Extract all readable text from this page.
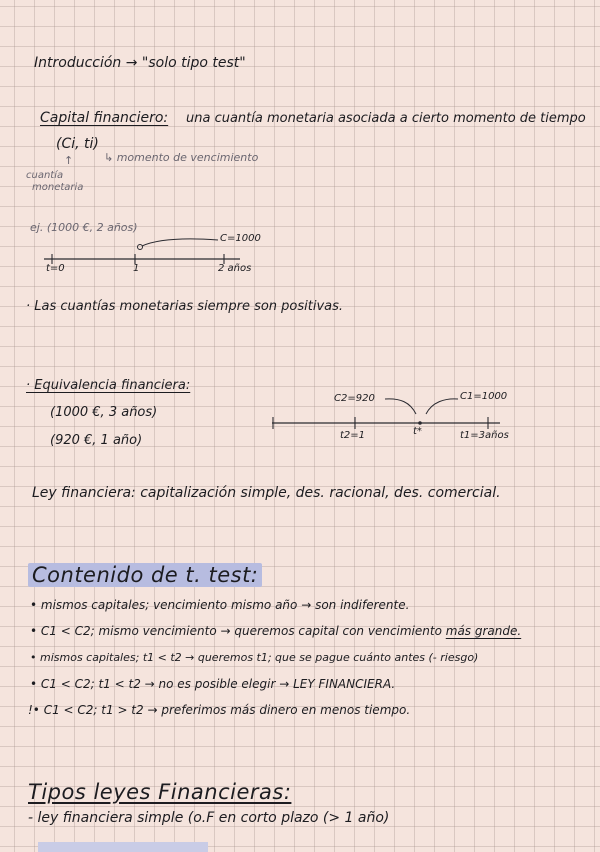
Introducción → "solo tipo test"
Capital financiero: una cuantía monetaria asociada a cierto momento de tiempo
(Ci, ti)
↑	↳ momento de vencimiento
cuantía
monetaria
ej. (1000 €, 2 años)
C=1000
t=0	1	2 años
· Las cuantías monetarias siempre son positivas.
· Equivalencia financiera:
(1000 €, 3 años)
(920 €, 1 año)
C2=920	C1=1000
t2=1	t*	t1=3años
Ley financiera: capitalización simple, des. racional, des. comercial.
Contenido de t. test:
• mismos capitales; vencimiento mismo año → son indiferente.
• C1 < C2; mismo vencimiento → queremos capital con vencimiento más grande.
• mismos capitales; t1 < t2 → queremos t1; que se pague cuánto antes (- riesgo)
• C1 < C2; t1 < t2 → no es posible elegir → LEY FINANCIERA.
!• C1 < C2; t1 > t2 → preferimos más dinero en menos tiempo.
Tipos leyes Financieras:
- ley financiera simple (o.F en corto plazo (> 1 año)
